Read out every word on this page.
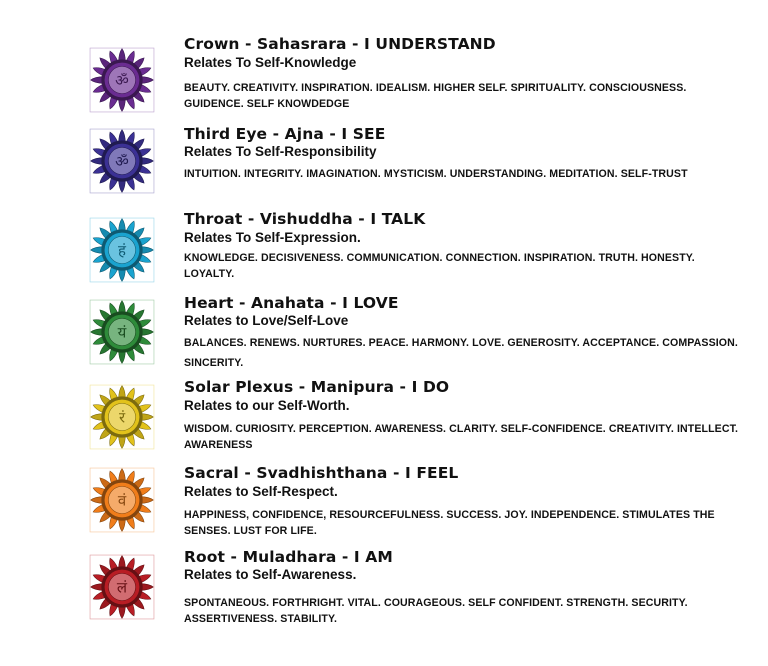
ॐ
Crown - Sahasrara - I UNDERSTAND
Relates To Self-Knowledge
BEAUTY. CREATIVITY. INSPIRATION. IDEALISM. HIGHER SELF. SPIRITUALITY. CONSCIOUSNESS. GUIDENCE. SELF KNOWDEDGE
ॐ
Third Eye - Ajna - I SEE
Relates To Self-Responsibility
INTUITION. INTEGRITY. IMAGINATION. MYSTICISM. UNDERSTANDING. MEDITATION. SELF-TRUST
हं
Throat - Vishuddha - I TALK
Relates To Self-Expression.
KNOWLEDGE. DECISIVENESS. COMMUNICATION. CONNECTION. INSPIRATION. TRUTH. HONESTY. LOYALTY.
यं
Heart - Anahata - I LOVE
Relates to Love/Self-Love
BALANCES. RENEWS. NURTURES. PEACE. HARMONY. LOVE. GENEROSITY. ACCEPTANCE. COMPASSION. SINCERITY.
रं
Solar Plexus - Manipura - I DO
Relates to our Self-Worth.
WISDOM. CURIOSITY. PERCEPTION. AWARENESS. CLARITY. SELF-CONFIDENCE. CREATIVITY. INTELLECT. AWARENESS
वं
Sacral - Svadhishthana - I FEEL
Relates to Self-Respect.
HAPPINESS, CONFIDENCE, RESOURCEFULNESS. SUCCESS. JOY. INDEPENDENCE. STIMULATES THE SENSES. LUST FOR LIFE.
लं
Root - Muladhara - I AM
Relates to Self-Awareness.
SPONTANEOUS. FORTHRIGHT. VITAL. COURAGEOUS. SELF CONFIDENT. STRENGTH. SECURITY. ASSERTIVENESS. STABILITY.
